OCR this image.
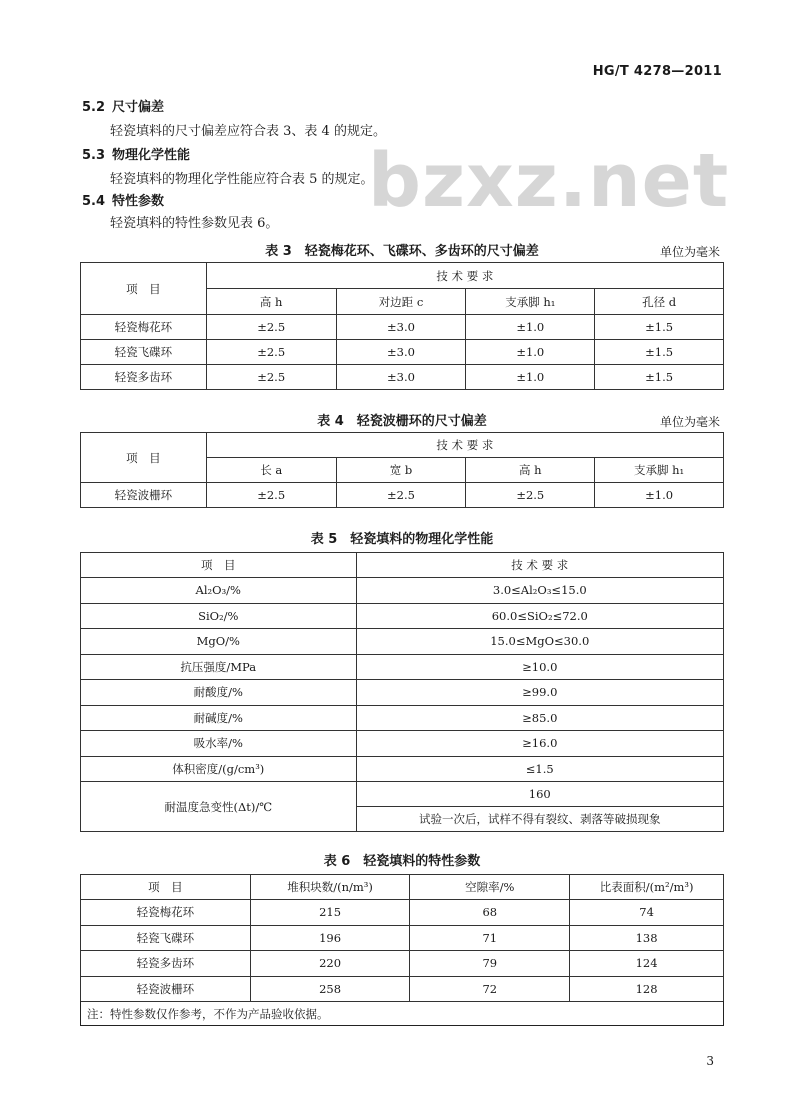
HG/T 4278—2011
bzxz.net
5.2 尺寸偏差
轻瓷填料的尺寸偏差应符合表 3、表 4 的规定。
5.3 物理化学性能
轻瓷填料的物理化学性能应符合表 5 的规定。
5.4 特性参数
轻瓷填料的特性参数见表 6。
表 3　轻瓷梅花环、飞碟环、多齿环的尺寸偏差	单位为毫米
项　目	技 术 要 求			
	高 h	对边距 c	支承脚 h₁	孔径 d
轻瓷梅花环	±2.5	±3.0	±1.0	±1.5
轻瓷飞碟环	±2.5	±3.0	±1.0	±1.5
轻瓷多齿环	±2.5	±3.0	±1.0	±1.5
表 4　轻瓷波栅环的尺寸偏差	单位为毫米
项　目	技 术 要 求			
	长 a	宽 b	高 h	支承脚 h₁
轻瓷波栅环	±2.5	±2.5	±2.5	±1.0
表 5　轻瓷填料的物理化学性能
项　目	技 术 要 求
Al₂O₃/%	3.0≤Al₂O₃≤15.0
SiO₂/%	60.0≤SiO₂≤72.0
MgO/%	15.0≤MgO≤30.0
抗压强度/MPa	≥10.0
耐酸度/%	≥99.0
耐碱度/%	≥85.0
吸水率/%	≥16.0
体积密度/(g/cm³)	≤1.5
耐温度急变性(Δt)/℃	160
	试验一次后，试样不得有裂纹、剥落等破损现象
表 6　轻瓷填料的特性参数
项　目	堆积块数/(n/m³)	空隙率/%	比表面积/(m²/m³)
轻瓷梅花环	215	68	74
轻瓷飞碟环	196	71	138
轻瓷多齿环	220	79	124
轻瓷波栅环	258	72	128
注：特性参数仅作参考，不作为产品验收依据。
3
